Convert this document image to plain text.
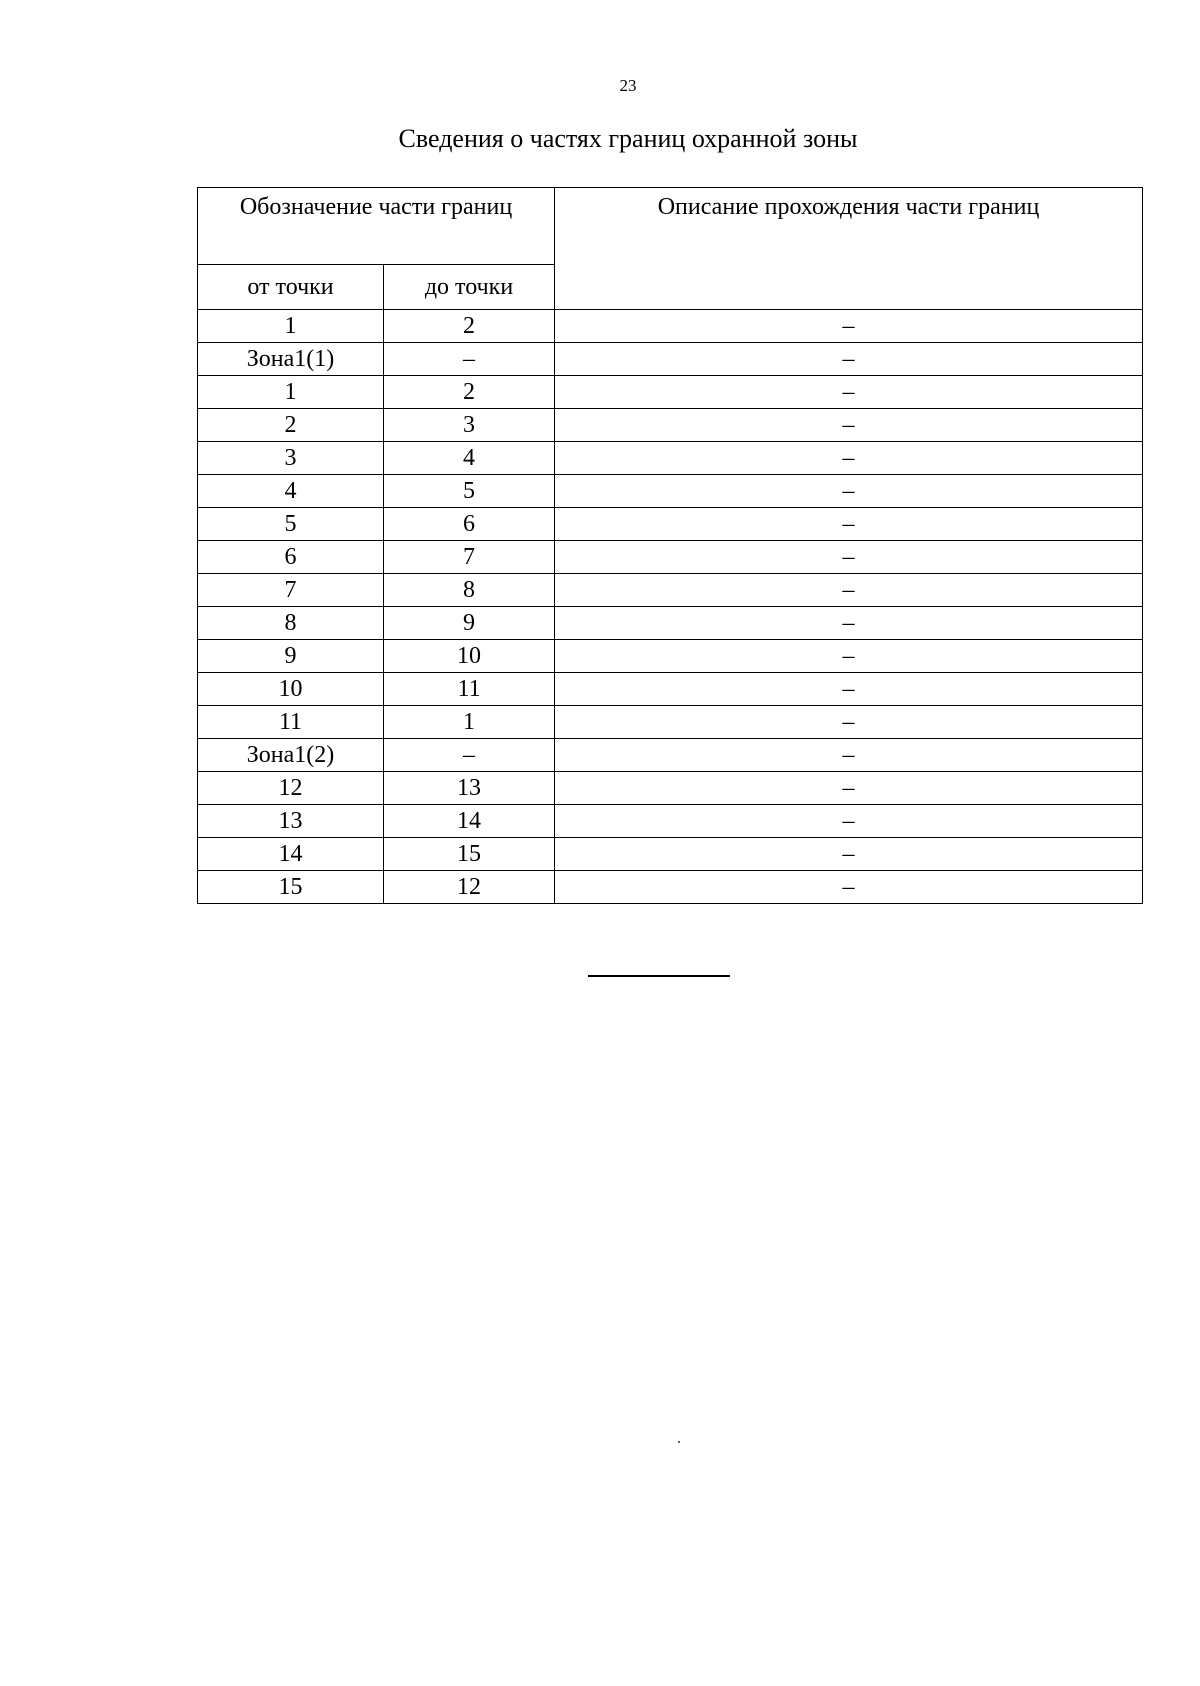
23
Сведения о частях границ охранной зоны
Обозначение части границ		Описание прохождения части границ
от точки	до точки	
1	2	–
Зона1(1)	–	–
1	2	–
2	3	–
3	4	–
4	5	–
5	6	–
6	7	–
7	8	–
8	9	–
9	10	–
10	11	–
11	1	–
Зона1(2)	–	–
12	13	–
13	14	–
14	15	–
15	12	–
